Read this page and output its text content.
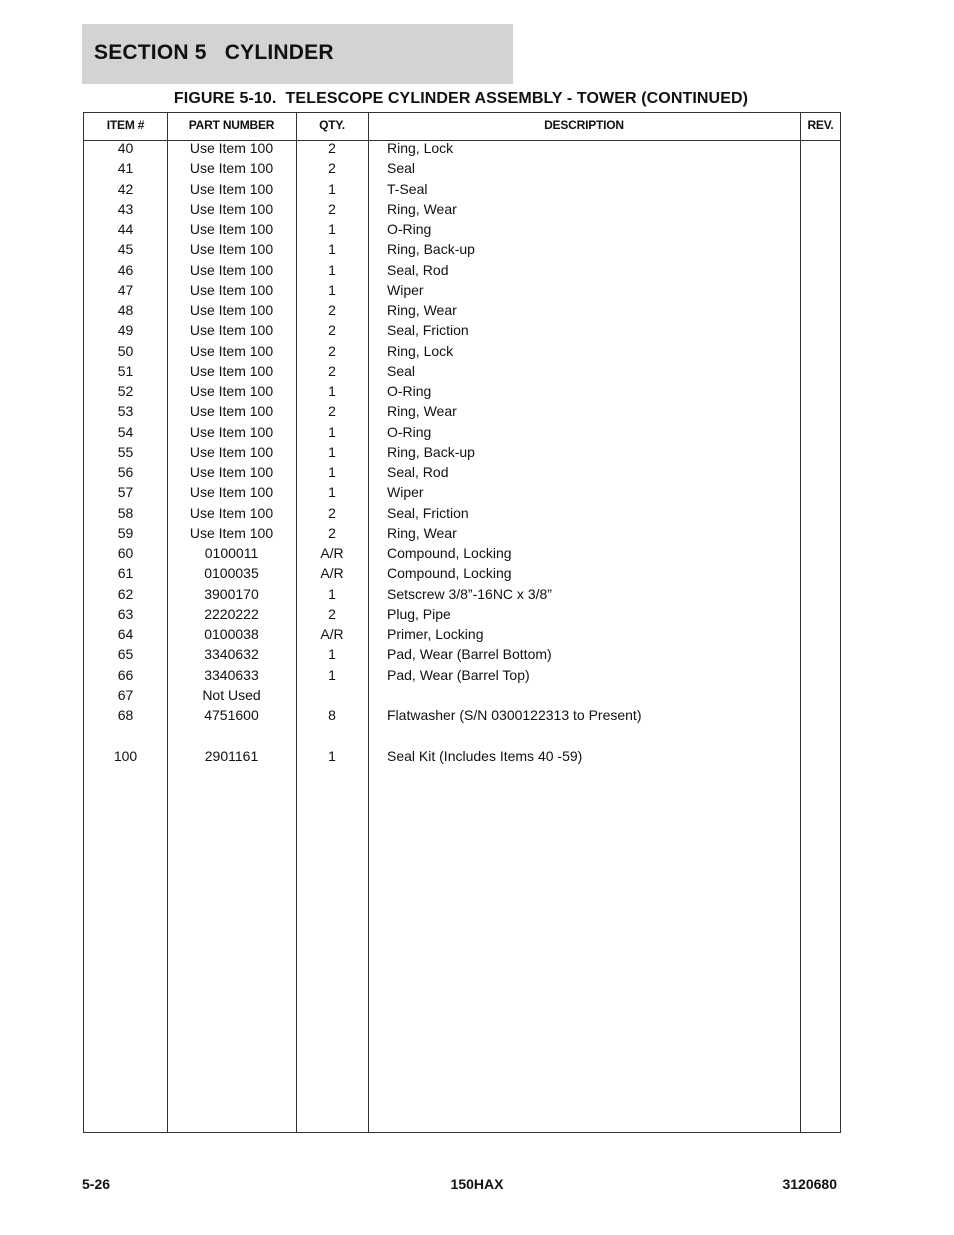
SECTION 5   CYLINDER
FIGURE 5-10.  TELESCOPE CYLINDER ASSEMBLY - TOWER (CONTINUED)
ITEM #	PART NUMBER	QTY.	DESCRIPTION	REV.
40	Use Item 100	2	Ring, Lock
41	Use Item 100	2	Seal
42	Use Item 100	1	T-Seal
43	Use Item 100	2	Ring, Wear
44	Use Item 100	1	O-Ring
45	Use Item 100	1	Ring, Back-up
46	Use Item 100	1	Seal, Rod
47	Use Item 100	1	Wiper
48	Use Item 100	2	Ring, Wear
49	Use Item 100	2	Seal, Friction
50	Use Item 100	2	Ring, Lock
51	Use Item 100	2	Seal
52	Use Item 100	1	O-Ring
53	Use Item 100	2	Ring, Wear
54	Use Item 100	1	O-Ring
55	Use Item 100	1	Ring, Back-up
56	Use Item 100	1	Seal, Rod
57	Use Item 100	1	Wiper
58	Use Item 100	2	Seal, Friction
59	Use Item 100	2	Ring, Wear
60	0100011	A/R	Compound, Locking
61	0100035	A/R	Compound, Locking
62	3900170	1	Setscrew 3/8”-16NC x 3/8”
63	2220222	2	Plug, Pipe
64	0100038	A/R	Primer, Locking
65	3340632	1	Pad, Wear (Barrel Bottom)
66	3340633	1	Pad, Wear (Barrel Top)
67	Not Used
68	4751600	8	Flatwasher (S/N 0300122313 to Present)
100	2901161	1	Seal Kit (Includes Items 40 -59)
5-26	150HAX	3120680
